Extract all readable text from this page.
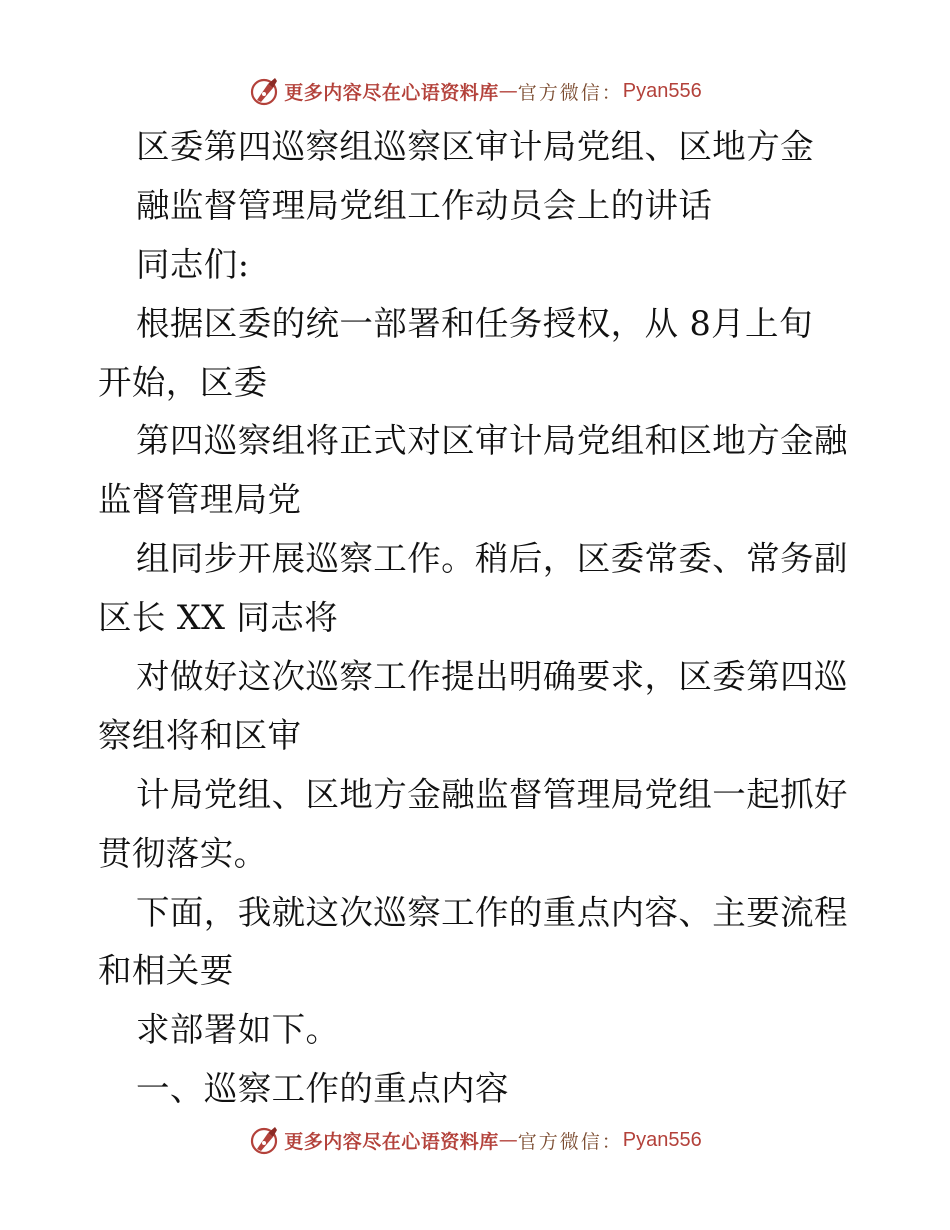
更多内容尽在心语资料库 — 官方微信： Pyan556
区委第四巡察组巡察区审计局党组、区地方金
融监督管理局党组工作动员会上的讲话
同志们:
根据区委的统一部署和任务授权，从 8月上旬
开始，区委
第四巡察组将正式对区审计局党组和区地方金融
监督管理局党
组同步开展巡察工作。稍后，区委常委、常务副
区长 XX 同志将
对做好这次巡察工作提出明确要求，区委第四巡
察组将和区审
计局党组、区地方金融监督管理局党组一起抓好
贯彻落实。
下面，我就这次巡察工作的重点内容、主要流程
和相关要
求部署如下。
一、巡察工作的重点内容
更多内容尽在心语资料库 — 官方微信： Pyan556
